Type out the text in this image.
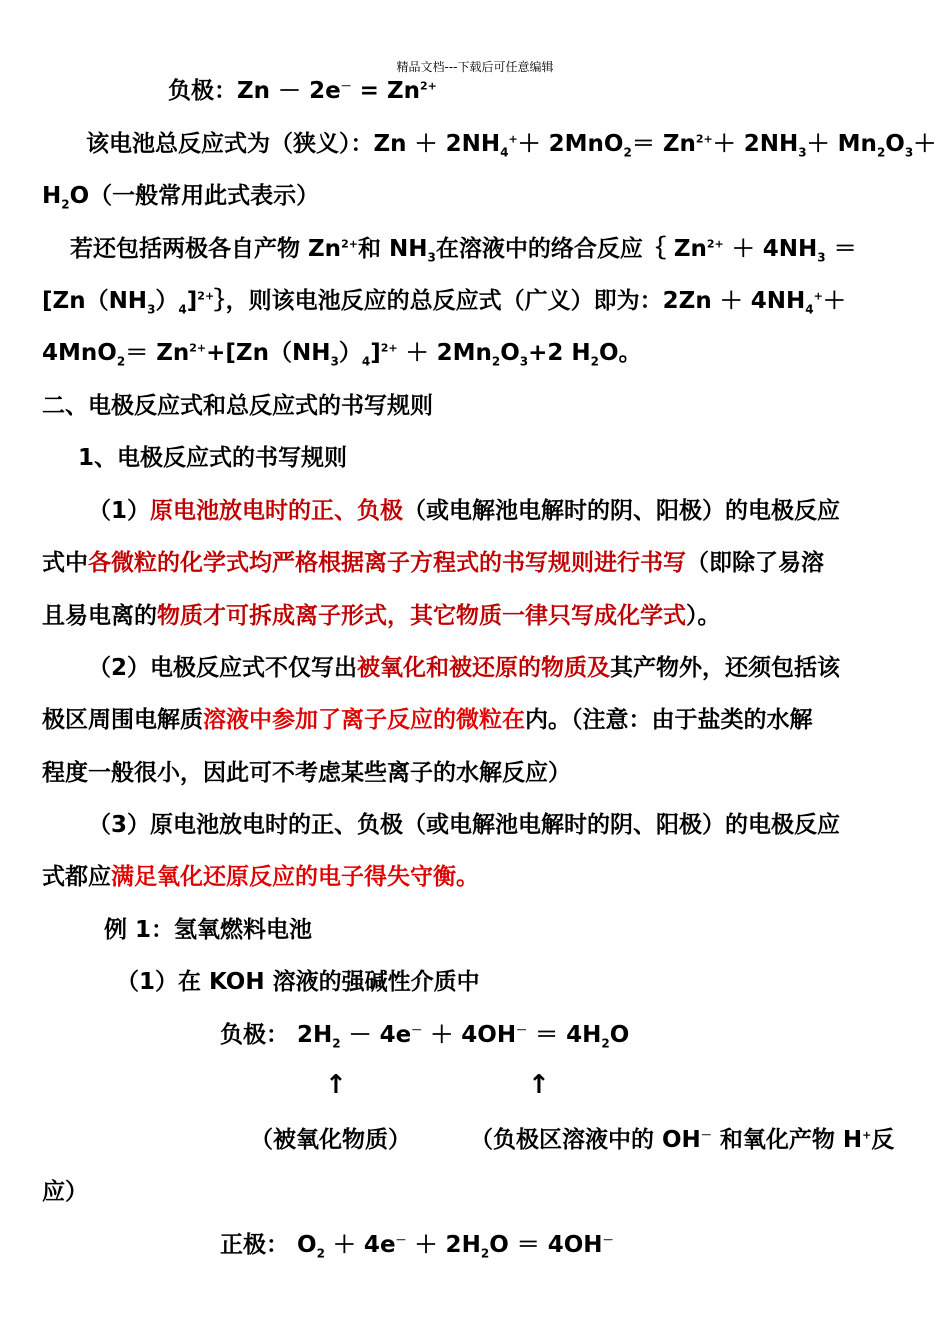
精品文档---下载后可任意编辑
负极：$Zn - 2e^- = Zn^{2+}$
该电池总反应式为（狭义）：$Zn + 2NH_4^++ 2MnO_2= Zn^{2+}+ 2NH_3+ Mn_2O_3+$
$H_2O$（一般常用此式表示）
若还包括两极各自产物 $Zn^{2+}$和 $NH_3$在溶液中的络合反应｛ $Zn^{2+} + 4NH_3$ ＝
$[Zn(NH_3)_4]^{2+}\}$，则该电池反应的总反应式（广义）即为：$2Zn + 4NH_4^++$
$4MnO_2= Zn^{2+}+[Zn(NH_3)_4]^{2+} + 2Mn_2O_3+2$ $H_2O$。
二、电极反应式和总反应式的书写规则
1、电极反应式的书写规则
（1）原电池放电时的正、负极（或电解池电解时的阴、阳极）的电极反应
式中各微粒的化学式均严格根据离子方程式的书写规则进行书写（即除了易溶
且易电离的物质才可拆成离子形式，其它物质一律只写成化学式）。
（2）电极反应式不仅写出被氧化和被还原的物质及其产物外，还须包括该
极区周围电解质溶液中参加了离子反应的微粒在内。（注意：由于盐类的水解
程度一般很小，因此可不考虑某些离子的水解反应）
（3）原电池放电时的正、负极（或电解池电解时的阴、阳极）的电极反应
式都应满足氧化还原反应的电子得失守衡。
例 1：氢氧燃料电池
（1）在 KOH 溶液的强碱性介质中
负极： $2H_2 - 4e^- + 4OH^- = 4H_2O$
↑	↑
（被氧化物质）	（负极区溶液中的 OH－ 和氧化产物 H+反
应）
正极： $O_2 + 4e^- + 2H_2O = 4OH^-$
